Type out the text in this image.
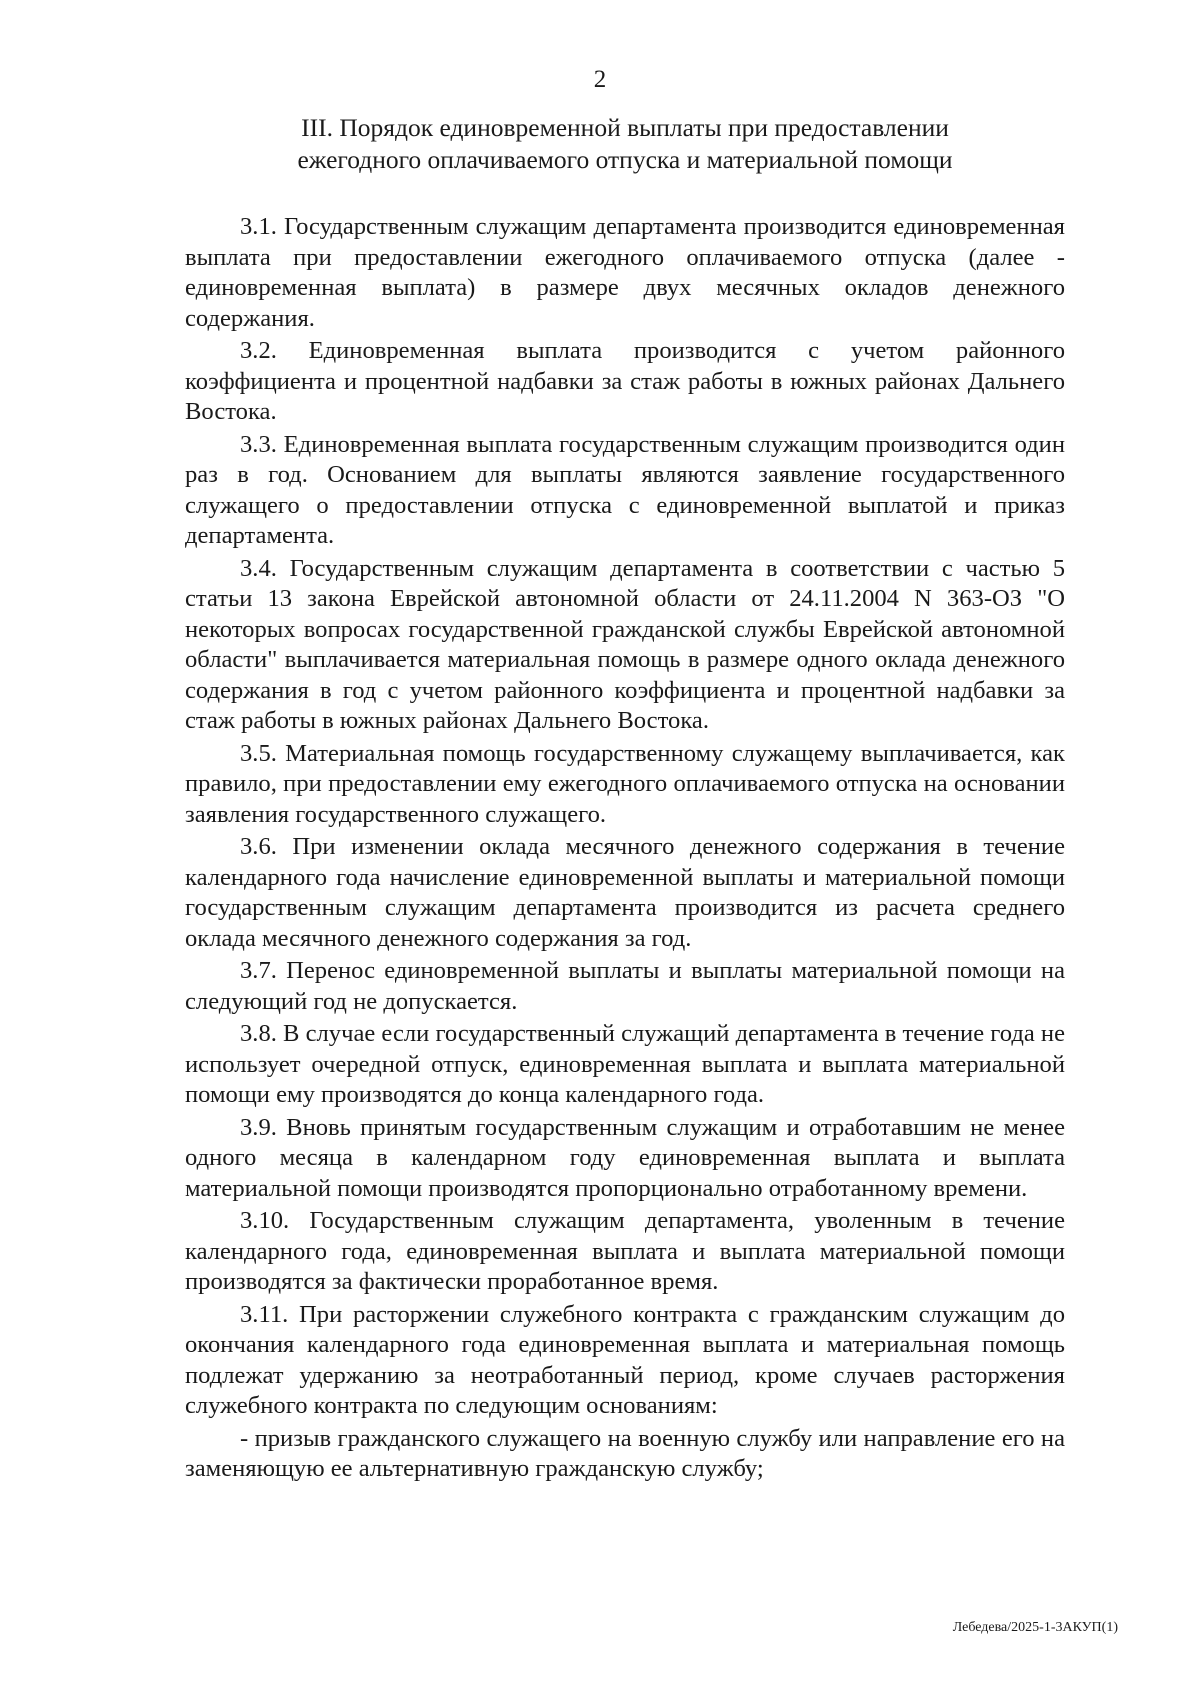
2
III. Порядок единовременной выплаты при предоставлении
ежегодного оплачиваемого отпуска и материальной помощи

3.1. Государственным служащим департамента производится единовременная выплата при предоставлении ежегодного оплачиваемого отпуска (далее - единовременная выплата) в размере двух месячных окладов денежного содержания.

3.2. Единовременная выплата производится с учетом районного коэффициента и процентной надбавки за стаж работы в южных районах Дальнего Востока.

3.3. Единовременная выплата государственным служащим производится один раз в год. Основанием для выплаты являются заявление государственного служащего о предоставлении отпуска с единовременной выплатой и приказ департамента.

3.4. Государственным служащим департамента в соответствии с частью 5 статьи 13 закона Еврейской автономной области от 24.11.2004 N 363-ОЗ "О некоторых вопросах государственной гражданской службы Еврейской автономной области" выплачивается материальная помощь в размере одного оклада денежного содержания в год с учетом районного коэффициента и процентной надбавки за стаж работы в южных районах Дальнего Востока.

3.5. Материальная помощь государственному служащему выплачивается, как правило, при предоставлении ему ежегодного оплачиваемого отпуска на основании заявления государственного служащего.

3.6. При изменении оклада месячного денежного содержания в течение календарного года начисление единовременной выплаты и материальной помощи государственным служащим департамента производится из расчета среднего оклада месячного денежного содержания за год.

3.7. Перенос единовременной выплаты и выплаты материальной помощи на следующий год не допускается.

3.8. В случае если государственный служащий департамента в течение года не использует очередной отпуск, единовременная выплата и выплата материальной помощи ему производятся до конца календарного года.

3.9. Вновь принятым государственным служащим и отработавшим не менее одного месяца в календарном году единовременная выплата и выплата материальной помощи производятся пропорционально отработанному времени.

3.10. Государственным служащим департамента, уволенным в течение календарного года, единовременная выплата и выплата материальной помощи производятся за фактически проработанное время.

3.11. При расторжении служебного контракта с гражданским служащим до окончания календарного года единовременная выплата и материальная помощь подлежат удержанию за неотработанный период, кроме случаев расторжения служебного контракта по следующим основаниям:

- призыв гражданского служащего на военную службу или направление его на заменяющую ее альтернативную гражданскую службу;

Лебедева/2025-1-3АКУП(1)
